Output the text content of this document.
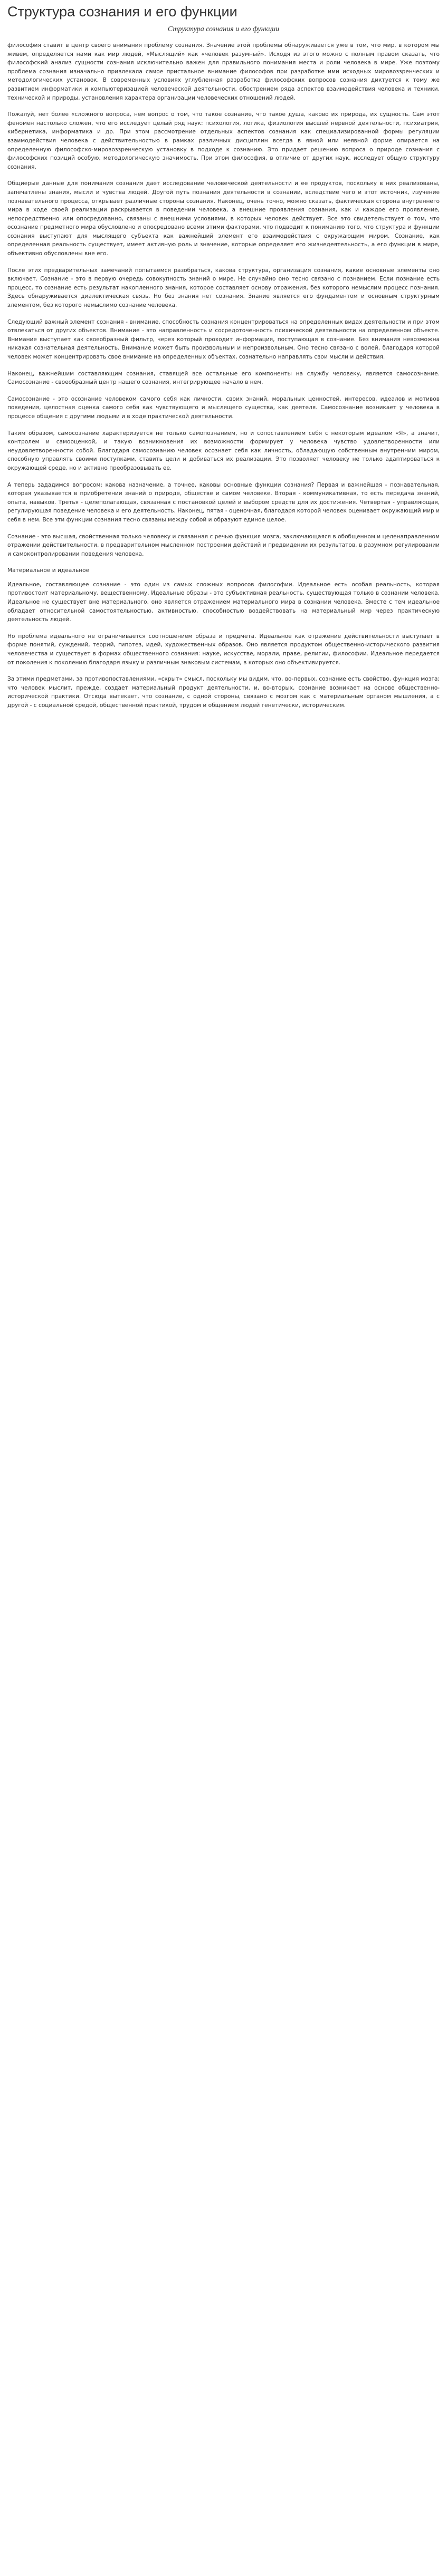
Структура сознания и его функции
Структура сознания и его функции

философия ставит в центр своего внимания проблему сознания. Значение этой проблемы обнаруживается уже в том, что мир, в котором мы живем, определяется нами как мир людей, «Мыслящий» как «человек разумный». Исходя из этого можно с полным правом сказать, что философский анализ сущности сознания исключительно важен для правильного понимания места и роли человека в мире. Уже поэтому проблема сознания изначально привлекала самое пристальное внимание философов при разработке ими исходных мировоззренческих и методологических установок. В современных условиях углубленная разработка философских вопросов сознания диктуется к тому же развитием информатики и компьютеризацией человеческой деятельности, обострением ряда аспектов взаимодействия человека и техники, технической и природы, установления характера организации человеческих отношений людей.

Пожалуй, нет более «сложного вопроса, нем вопрос о том, что такое сознание, что такое душа, каково их природа, их сущность. Сам этот феномен настолько сложен, что его исследует целый ряд наук: психология, логика, физиология высшей нервной деятельности, психиатрия, кибернетика, информатика и др. При этом рассмотрение отдельных аспектов сознания как специализированной формы регуляции взаимодействия человека с действительностью в рамках различных дисциплин всегда в явной или неявной форме опирается на определенную философско-мировоззренческую установку в подходе к сознанию. Это придает решению вопроса о природе сознания с философских позиций особую, методологическую значимость. При этом философия, в отличие от других наук, исследует общую структуру сознания.

Общиерые данные для понимания сознания дает исследование человеческой деятельности и ее продуктов, поскольку в них реализованы, запечатлены знания, мысли и чувства людей. Другой путь познания деятельности в сознании, вследствие чего и этот источник, изучение познавательного процесса, открывает различные стороны сознания. Наконец, очень точно, можно сказать, фактическая сторона внутреннего мира в ходе своей реализации раскрывается в поведении человека, а внешние проявления сознания, как и каждое его проявление, непосредственно или опосредованно, связаны с внешними условиями, в которых человек действует. Все это свидетельствует о том, что осознание предметного мира обусловлено и опосредовано всеми этими факторами, что подводит к пониманию того, что структура и функции сознания выступают для мыслящего субъекта как важнейший элемент его взаимодействия с окружающим миром. Сознание, как определенная реальность существует, имеет активную роль и значение, которые определяет его жизнедеятельность, а его функции в мире, объективно обусловлены вне его.

После этих предварительных замечаний попытаемся разобраться, какова структура, организация сознания, какие основные элементы оно включает. Сознание - это в первую очередь совокупность знаний о мире. Не случайно оно тесно связано с познанием. Если познание есть процесс, то сознание есть результат накопленного знания, которое составляет основу отражения, без которого немыслим процесс познания. Здесь обнаруживается диалектическая связь. Но без знания нет сознания. Знание является его фундаментом и основным структурным элементом, без которого немыслимо сознание человека.

Следующий важный элемент сознания - внимание, способность сознания концентрироваться на определенных видах деятельности и при этом отвлекаться от других объектов. Внимание - это направленность и сосредоточенность психической деятельности на определенном объекте. Внимание выступает как своеобразный фильтр, через который проходит информация, поступающая в сознание. Без внимания невозможна никакая сознательная деятельность. Внимание может быть произвольным и непроизвольным. Оно тесно связано с волей, благодаря которой человек может концентрировать свое внимание на определенных объектах, сознательно направлять свои мысли и действия.

Наконец, важнейшим составляющим сознания, ставящей все остальные его компоненты на службу человеку, является самосознание. Самосознание - своеобразный центр нашего сознания, интегрирующее начало в нем.

Самосознание - это осознание человеком самого себя как личности, своих знаний, моральных ценностей, интересов, идеалов и мотивов поведения, целостная оценка самого себя как чувствующего и мыслящего существа, как деятеля. Самосознание возникает у человека в процессе общения с другими людьми и в ходе практической деятельности.

Таким образом, самосознание характеризуется не только самопознанием, но и сопоставлением себя с некоторым идеалом «Я», а значит, контролем и самооценкой, и такую возникновения их возможности формирует у человека чувство удовлетворенности или неудовлетворенности собой. Благодаря самосознанию человек осознает себя как личность, обладающую собственным внутренним миром, способную управлять своими поступками, ставить цели и добиваться их реализации. Это позволяет человеку не только адаптироваться к окружающей среде, но и активно преобразовывать ее.

А теперь зададимся вопросом: какова назначение, а точнее, каковы основные функции сознания? Первая и важнейшая - познавательная, которая указывается в приобретении знаний о природе, обществе и самом человеке. Вторая - коммуникативная, то есть передача знаний, опыта, навыков. Третья - целеполагающая, связанная с постановкой целей и выбором средств для их достижения. Четвертая - управляющая, регулирующая поведение человека и его деятельность. Наконец, пятая - оценочная, благодаря которой человек оценивает окружающий мир и себя в нем. Все эти функции сознания тесно связаны между собой и образуют единое целое.

Сознание - это высшая, свойственная только человеку и связанная с речью функция мозга, заключающаяся в обобщенном и целенаправленном отражении действительности, в предварительном мысленном построении действий и предвидении их результатов, в разумном регулировании и самоконтролировании поведения человека.

Материальное и идеальное

Идеальное, составляющее сознание - это один из самых сложных вопросов философии. Идеальное есть особая реальность, которая противостоит материальному, вещественному. Идеальные образы - это субъективная реальность, существующая только в сознании человека. Идеальное не существует вне материального, оно является отражением материального мира в сознании человека. Вместе с тем идеальное обладает относительной самостоятельностью, активностью, способностью воздействовать на материальный мир через практическую деятельность людей.

Но проблема идеального не ограничивается соотношением образа и предмета. Идеальное как отражение действительности выступает в форме понятий, суждений, теорий, гипотез, идей, художественных образов. Оно является продуктом общественно-исторического развития человечества и существует в формах общественного сознания: науке, искусстве, морали, праве, религии, философии. Идеальное передается от поколения к поколению благодаря языку и различным знаковым системам, в которых оно объективируется.

За этими предметами, за противопоставлениями, «скрыт» смысл, поскольку мы видим, что, во-первых, сознание есть свойство, функция мозга; что человек мыслит, прежде, создает материальный продукт деятельности, и, во-вторых, сознание возникает на основе общественно-исторической практики. Отсюда вытекает, что сознание, с одной стороны, связано с мозгом как с материальным органом мышления, а с другой - с социальной средой, общественной практикой, трудом и общением людей генетически, историческим.
